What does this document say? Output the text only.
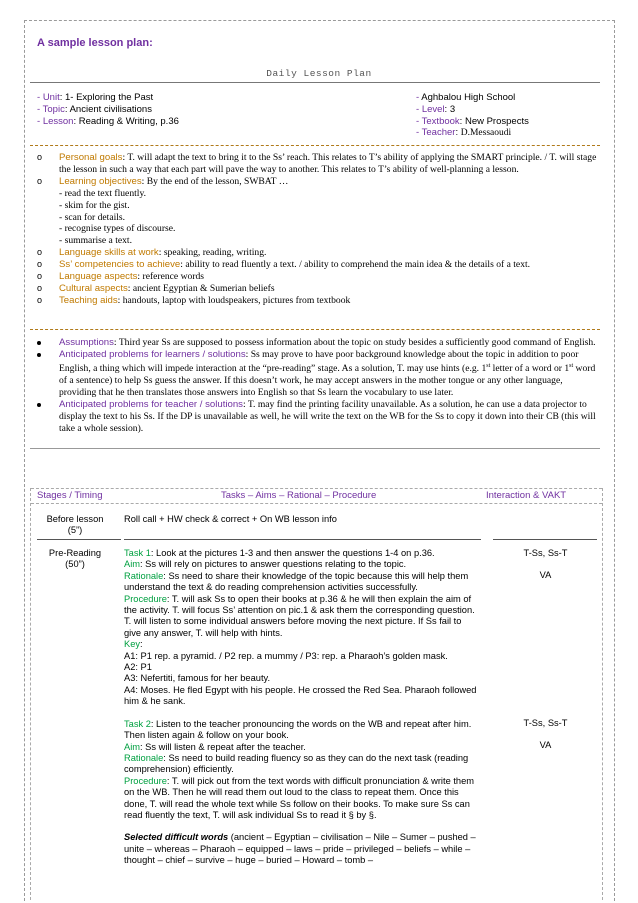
A sample lesson plan:
Daily Lesson Plan
- Unit: 1- Exploring the Past
- Topic: Ancient civilisations
- Lesson: Reading & Writing, p.36
- Aghbalou High School
- Level: 3
- Textbook: New Prospects
- Teacher: D.Messaoudi
o Personal goals: T. will adapt the text to bring it to the Ss’ reach. This relates to T’s ability of applying the SMART principle. / T. will stage the lesson in such a way that each part will pave the way to another. This relates to T’s ability of well-planning a lesson.
o Learning objectives: By the end of the lesson, SWBAT …
- read the text fluently.
- skim for the gist.
- scan for details.
- recognise types of discourse.
- summarise a text.
o Language skills at work: speaking, reading, writing.
o Ss’ competencies to achieve: ability to read fluently a text. / ability to comprehend the main idea & the details of a text.
o Language aspects: reference words
o Cultural aspects: ancient Egyptian & Sumerian beliefs
o Teaching aids: handouts, laptop with loudspeakers, pictures from textbook
Assumptions: Third year Ss are supposed to possess information about the topic on study besides a sufficiently good command of English.
Anticipated problems for learners / solutions: Ss may prove to have poor background knowledge about the topic in addition to poor English, a thing which will impede interaction at the “pre-reading” stage. As a solution, T. may use hints (e.g. 1st letter of a word or 1st word of a sentence) to help Ss guess the answer. If this doesn’t work, he may accept answers in the mother tongue or any other language, providing that he then translates those answers into English so that Ss learn the vocabulary to use later.
Anticipated problems for teacher / solutions: T. may find the printing facility unavailable. As a solution, he can use a data projector to display the text to his Ss. If the DP is unavailable as well, he will write the text on the WB for the Ss to copy it down into their CB (this will take a whole session).
Stages / Timing	Tasks – Aims – Rational – Procedure	Interaction & VAKT
Before lesson
(5”)
Roll call + HW check & correct + On WB lesson info
Pre-Reading
(50”)
Task 1: Look at the pictures 1-3 and then answer the questions 1-4 on p.36.
Aim: Ss will rely on pictures to answer questions relating to the topic.
Rationale: Ss need to share their knowledge of the topic because this will help them understand the text & do reading comprehension activities successfully.
Procedure: T. will ask Ss to open their books at p.36 & he will then explain the aim of the activity. T. will focus Ss’ attention on pic.1 & ask them the corresponding question. T. will listen to some individual answers before moving the next picture. If Ss fail to give any answer, T. will help with hints.
Key:
A1: P1 rep. a pyramid. / P2 rep. a mummy / P3: rep. a Pharaoh’s golden mask.
A2: P1
A3: Nefertiti, famous for her beauty.
A4: Moses. He fled Egypt with his people. He crossed the Red Sea. Pharaoh followed him & he sank.
Task 2: Listen to the teacher pronouncing the words on the WB and repeat after him. Then listen again & follow on your book.
Aim: Ss will listen & repeat after the teacher.
Rationale: Ss need to build reading fluency so as they can do the next task (reading comprehension) efficiently.
Procedure: T. will pick out from the text words with difficult pronunciation & write them on the WB. Then he will read them out loud to the class to repeat them. Once this done, T. will read the whole text while Ss follow on their books. To make sure Ss can read fluently the text, T. will ask individual Ss to read it § by §.
Selected difficult words (ancient – Egyptian – civilisation – Nile – Sumer – pushed – unite – whereas – Pharaoh – equipped – laws – pride – privileged – beliefs – while – thought – chief – survive – huge – buried – Howard – tomb –
T-Ss, Ss-T
VA
T-Ss, Ss-T
VA
